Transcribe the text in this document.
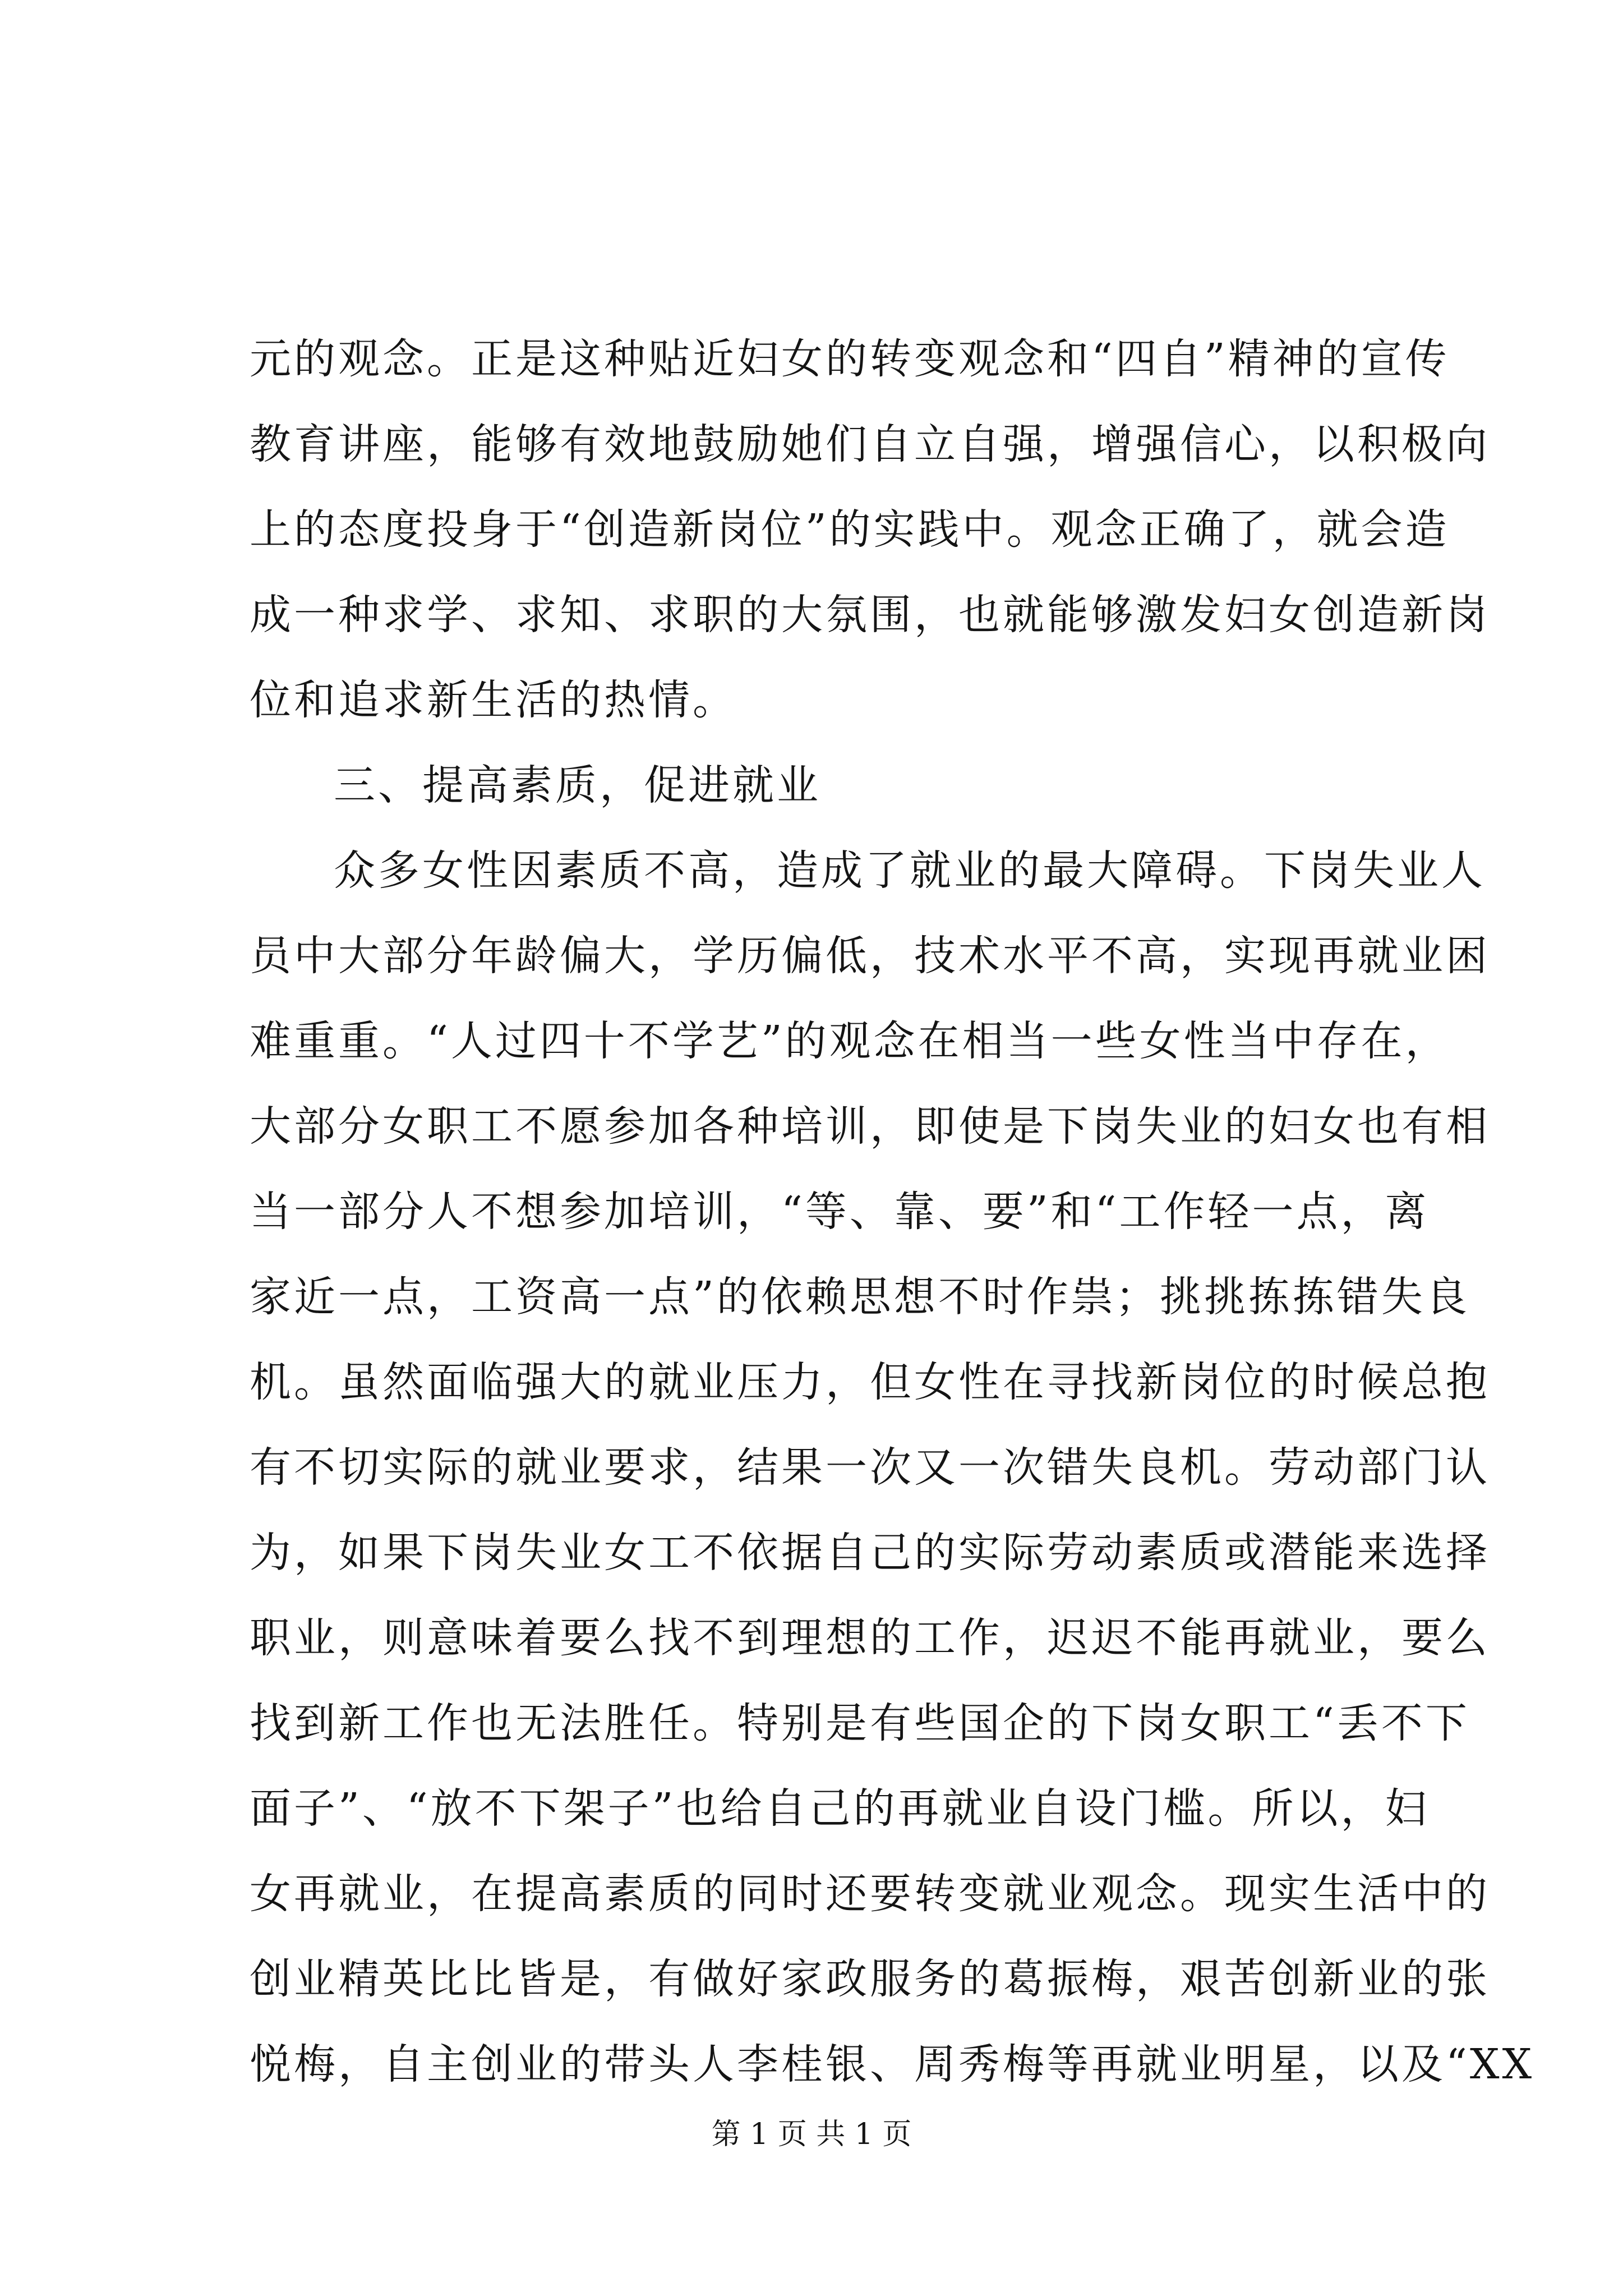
元的观念。正是这种贴近妇女的转变观念和“四自”精神的宣传
教育讲座，能够有效地鼓励她们自立自强，增强信心，以积极向
上的态度投身于“创造新岗位”的实践中。观念正确了，就会造
成一种求学、求知、求职的大氛围，也就能够激发妇女创造新岗
位和追求新生活的热情。
三、提高素质，促进就业
众多女性因素质不高，造成了就业的最大障碍。下岗失业人
员中大部分年龄偏大，学历偏低，技术水平不高，实现再就业困
难重重。“人过四十不学艺”的观念在相当一些女性当中存在，
大部分女职工不愿参加各种培训，即使是下岗失业的妇女也有相
当一部分人不想参加培训，“等、靠、要”和“工作轻一点，离
家近一点，工资高一点”的依赖思想不时作祟；挑挑拣拣错失良
机。虽然面临强大的就业压力，但女性在寻找新岗位的时候总抱
有不切实际的就业要求，结果一次又一次错失良机。劳动部门认
为，如果下岗失业女工不依据自己的实际劳动素质或潜能来选择
职业，则意味着要么找不到理想的工作，迟迟不能再就业，要么
找到新工作也无法胜任。特别是有些国企的下岗女职工“丢不下
面子”、“放不下架子”也给自己的再就业自设门槛。所以，妇
女再就业，在提高素质的同时还要转变就业观念。现实生活中的
创业精英比比皆是，有做好家政服务的葛振梅，艰苦创新业的张
悦梅，自主创业的带头人李桂银、周秀梅等再就业明星，以及“XX
第 1 页 共 1 页
